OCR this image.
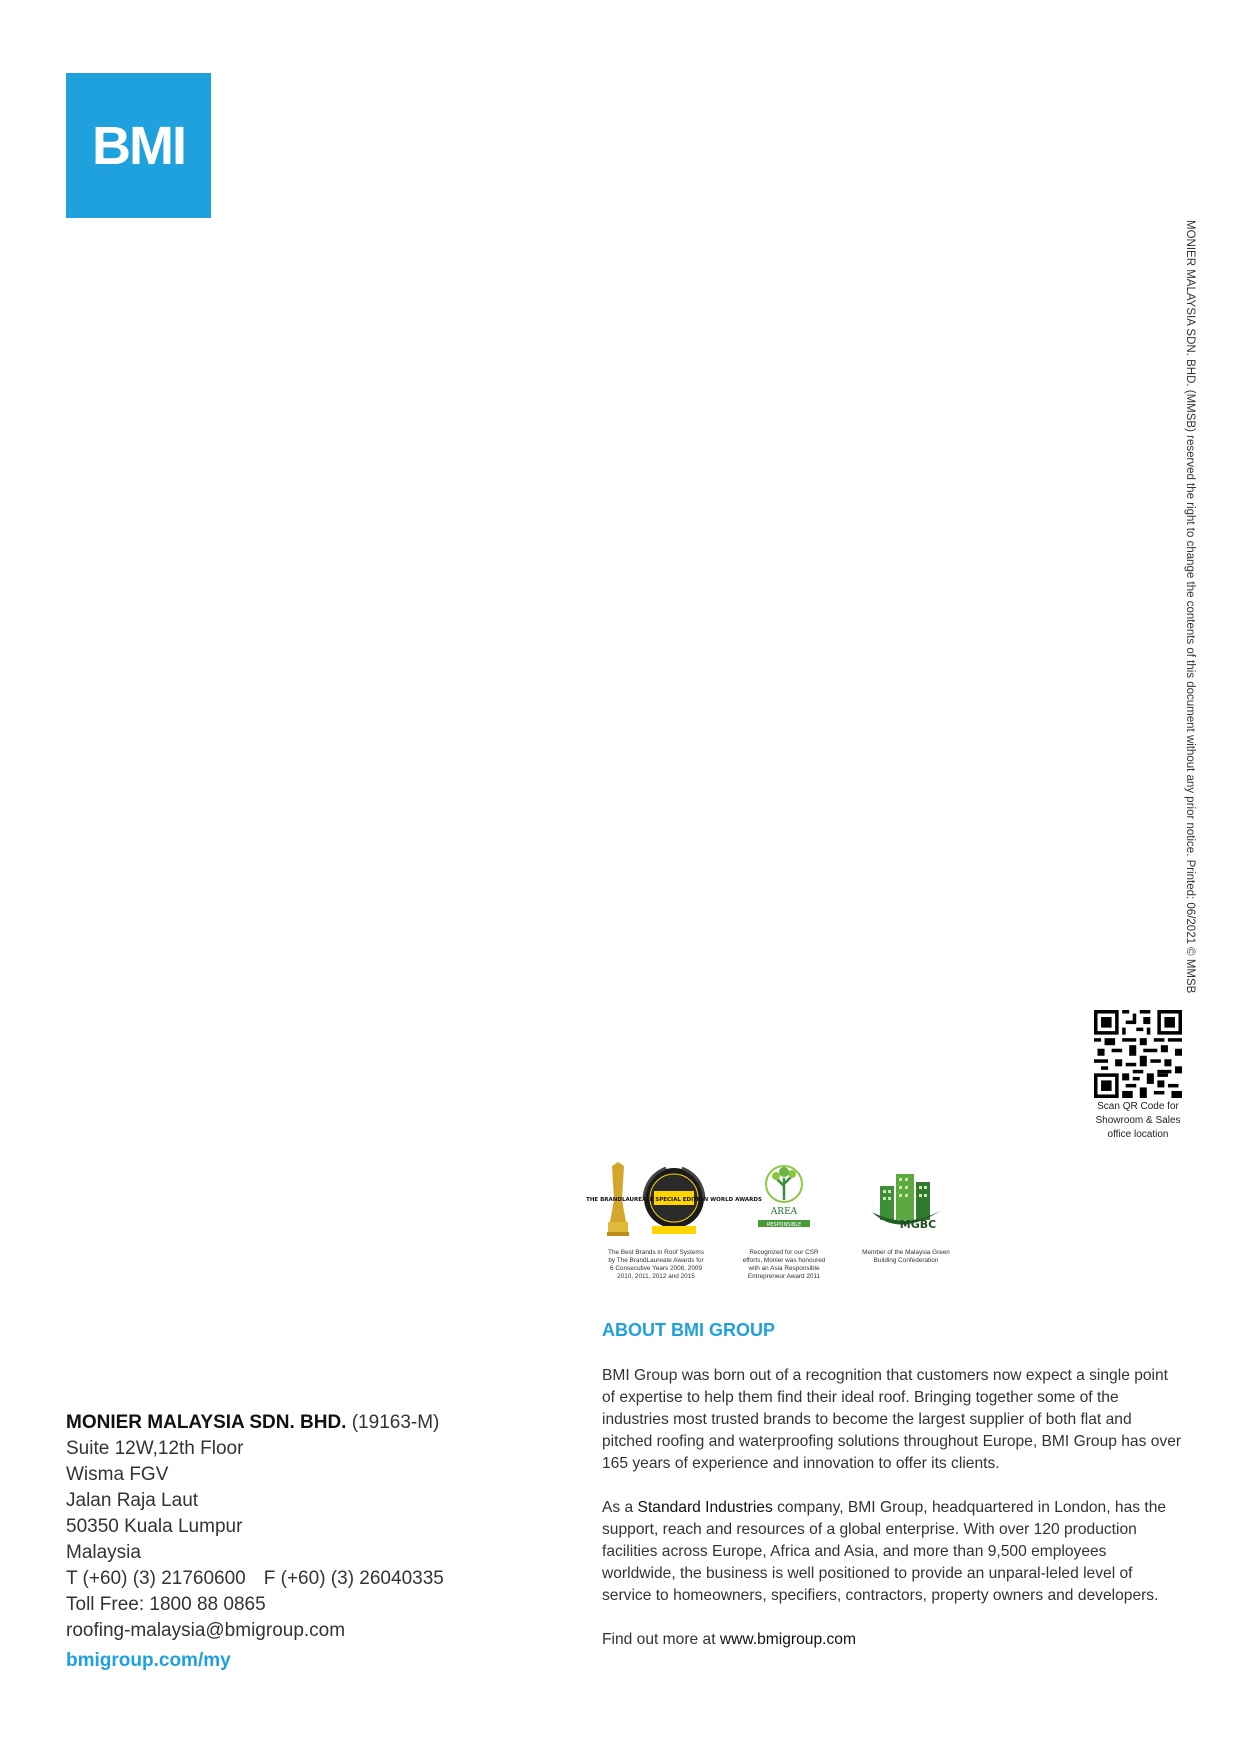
BMI
MONIER MALAYSIA SDN. BHD. (MMSB) reserved the right to change the contents of this document without any prior notice. Printed: 06/2021 © MMSB
Scan QR Code for
Showroom & Sales
office location
THE BRANDLAUREATE SPECIAL EDITION WORLD AWARDS
The Best Brands in Roof Systems
by The BrandLaureate Awards for
6 Consecutive Years 2008, 2009
2010, 2011, 2012 and 2015
AREA
RESPONSIBLE
Recognized for our CSR
efforts, Monier was honoured
with an Asia Responsible
Entrepreneur Award 2011
MGBC
Member of the Malaysia Green
Building Confederation
ABOUT BMI GROUP

BMI Group was born out of a recognition that customers now expect a single point of expertise to help them find their ideal roof. Bringing together some of the industries most trusted brands to become the largest supplier of both flat and pitched roofing and waterproofing solutions throughout Europe, BMI Group has over 165 years of experience and innovation to offer its clients.

As a Standard Industries company, BMI Group, headquartered in London, has the support, reach and resources of a global enterprise. With over 120 production facilities across Europe, Africa and Asia, and more than 9,500 employees worldwide, the business is well positioned to provide an unparal-leled level of service to homeowners, specifiers, contractors, property owners and developers.

Find out more at www.bmigroup.com

MONIER MALAYSIA SDN. BHD. (19163-M)
Suite 12W,12th Floor
Wisma FGV
Jalan Raja Laut
50350 Kuala Lumpur
Malaysia
T (+60) (3) 21760600 F (+60) (3) 26040335
Toll Free: 1800 88 0865
roofing-malaysia@bmigroup.com
bmigroup.com/my
